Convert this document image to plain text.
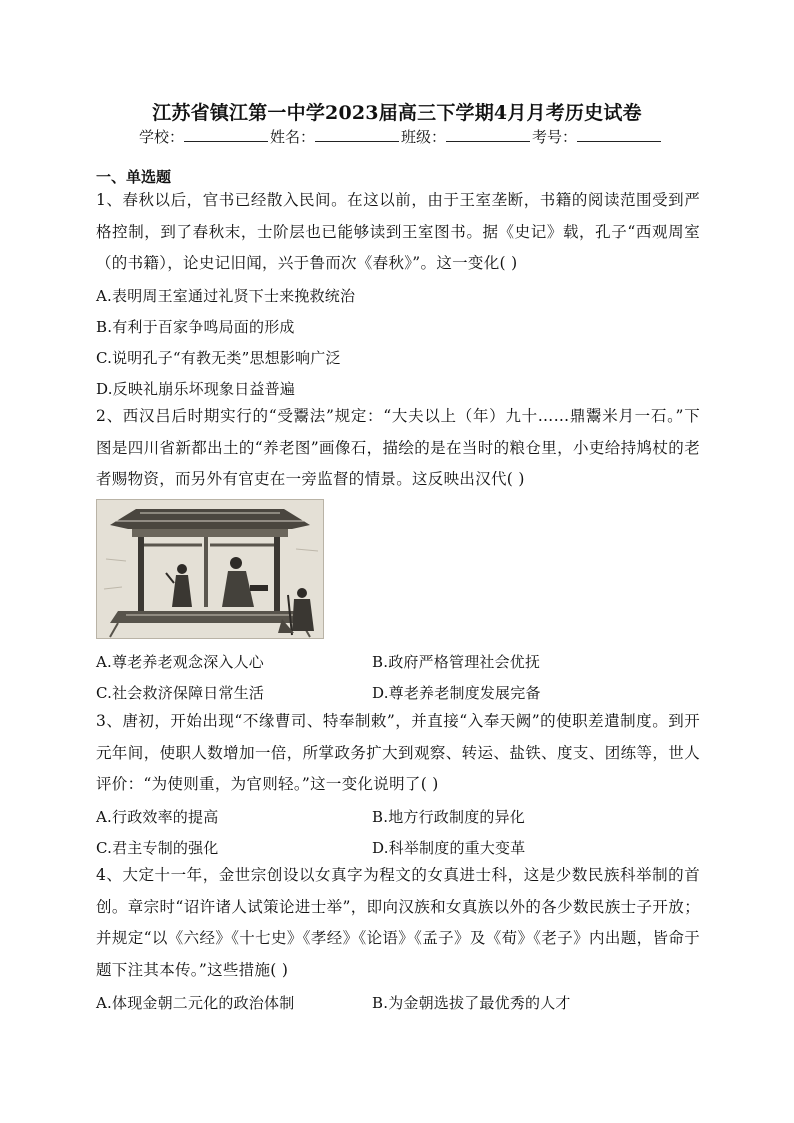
江苏省镇江第一中学2023届高三下学期4月月考历史试卷
学校：	姓名：	班级：	考号：
一、单选题
1、春秋以后，官书已经散入民间。在这以前，由于王室垄断，书籍的阅读范围受到严格控制，到了春秋末，士阶层也已能够读到王室图书。据《史记》载，孔子“西观周室（的书籍），论史记旧闻，兴于鲁而次《春秋》”。这一变化( )
A.表明周王室通过礼贤下士来挽救统治
B.有利于百家争鸣局面的形成
C.说明孔子“有教无类”思想影响广泛
D.反映礼崩乐坏现象日益普遍
2、西汉吕后时期实行的“受鬻法”规定：“大夫以上（年）九十……鼎鬻米月一石。”下图是四川省新都出土的“养老图”画像石，描绘的是在当时的粮仓里，小吏给持鸠杖的老者赐物资，而另外有官吏在一旁监督的情景。这反映出汉代( )
A.尊老养老观念深入人心	B.政府严格管理社会优抚
C.社会救济保障日常生活	D.尊老养老制度发展完备
3、唐初，开始出现“不缘曹司、特奉制敕”，并直接“入奉天阙”的使职差遣制度。到开元年间，使职人数增加一倍，所掌政务扩大到观察、转运、盐铁、度支、团练等，世人评价：“为使则重，为官则轻。”这一变化说明了( )
A.行政效率的提高	B.地方行政制度的异化
C.君主专制的强化	D.科举制度的重大变革
4、大定十一年，金世宗创设以女真字为程文的女真进士科，这是少数民族科举制的首创。章宗时“诏许诸人试策论进士举”，即向汉族和女真族以外的各少数民族士子开放；并规定“以《六经》《十七史》《孝经》《论语》《孟子》及《荀》《老子》内出题，皆命于题下注其本传。”这些措施( )
A.体现金朝二元化的政治体制	B.为金朝选拔了最优秀的人才
